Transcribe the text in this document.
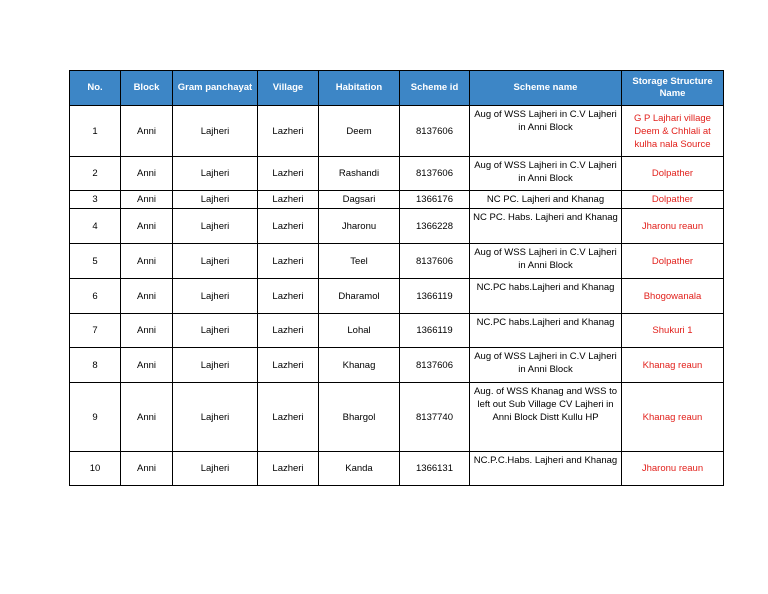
No.	Block	Gram panchayat	Village	Habitation	Scheme id	Scheme name	Storage Structure Name
1	Anni	Lajheri	Lazheri	Deem	8137606	Aug of WSS Lajheri in C.V Lajheri in Anni Block	G P Lajhari village Deem & Chhlali at kulha nala Source
2	Anni	Lajheri	Lazheri	Rashandi	8137606	Aug of WSS Lajheri in C.V Lajheri in Anni Block	Dolpather
3	Anni	Lajheri	Lazheri	Dagsari	1366176	NC PC. Lajheri and Khanag	Dolpather
4	Anni	Lajheri	Lazheri	Jharonu	1366228	NC PC. Habs. Lajheri and Khanag	Jharonu reaun
5	Anni	Lajheri	Lazheri	Teel	8137606	Aug of WSS Lajheri in C.V Lajheri in Anni Block	Dolpather
6	Anni	Lajheri	Lazheri	Dharamol	1366119	NC.PC habs.Lajheri and Khanag	Bhogowanala
7	Anni	Lajheri	Lazheri	Lohal	1366119	NC.PC habs.Lajheri and Khanag	Shukuri 1
8	Anni	Lajheri	Lazheri	Khanag	8137606	Aug of WSS Lajheri in C.V Lajheri in Anni Block	Khanag reaun
9	Anni	Lajheri	Lazheri	Bhargol	8137740	Aug. of WSS Khanag and WSS to left out Sub Village CV Lajheri in Anni Block Distt Kullu HP	Khanag reaun
10	Anni	Lajheri	Lazheri	Kanda	1366131	NC.P.C.Habs. Lajheri and Khanag	Jharonu reaun
